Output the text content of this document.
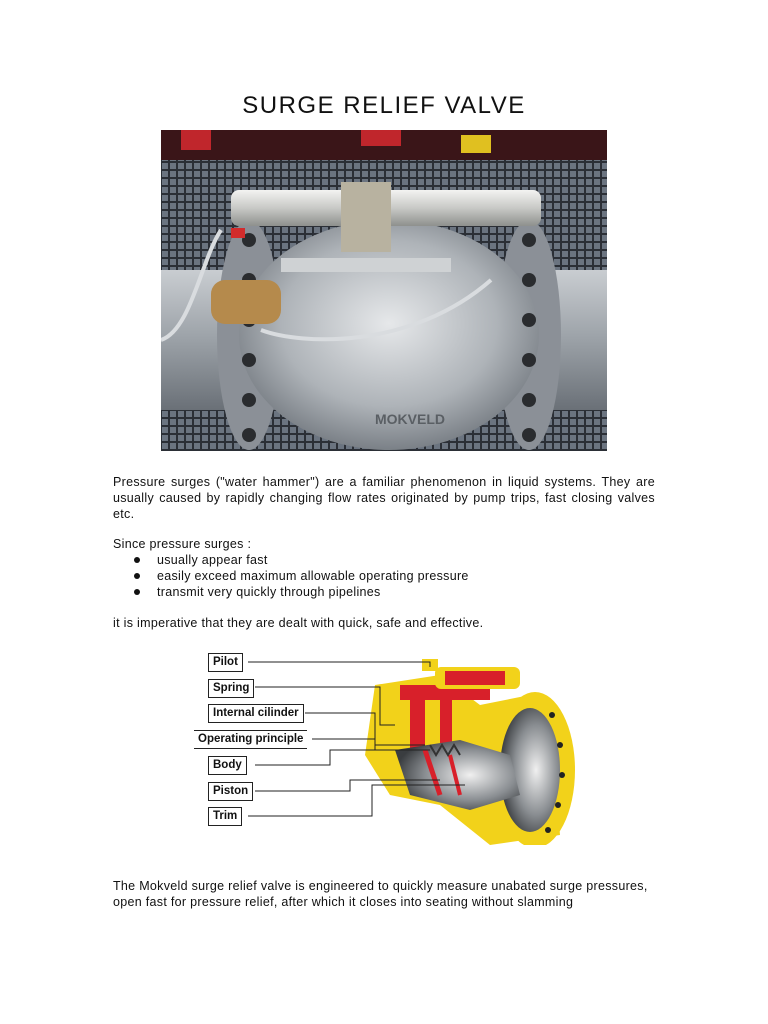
SURGE RELIEF VALVE
MOKVELD

Pressure surges ("water hammer") are a familiar phenomenon in liquid systems. They are usually caused by rapidly changing flow rates originated by pump trips, fast closing valves etc.

Since pressure surges :

usually appear fast
easily exceed maximum allowable operating pressure
transmit very quickly through pipelines

it is imperative that they are dealt with quick, safe and effective.

Pilot
Spring
Internal cilinder
Operating principle
Body
Piston
Trim

The Mokveld surge relief valve is engineered to quickly measure unabated surge pressures, open fast for pressure relief, after which it closes into seating without slamming
